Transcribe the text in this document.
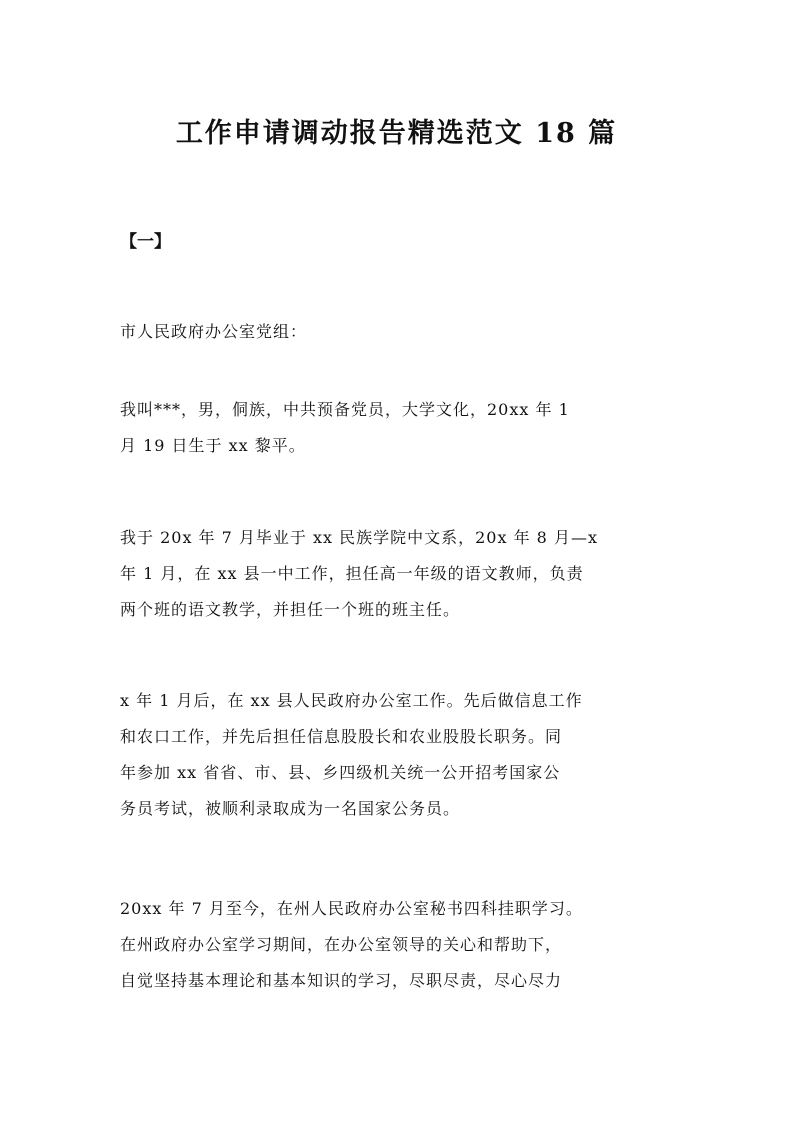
工作申请调动报告精选范文 18 篇
【一】

市人民政府办公室党组：

我叫***，男，侗族，中共预备党员，大学文化，20xx 年 1
月 19 日生于 xx 黎平。

我于 20x 年 7 月毕业于 xx 民族学院中文系，20x 年 8 月—x
年 1 月，在 xx 县一中工作，担任高一年级的语文教师，负责
两个班的语文教学，并担任一个班的班主任。

x 年 1 月后，在 xx 县人民政府办公室工作。先后做信息工作
和农口工作，并先后担任信息股股长和农业股股长职务。同
年参加 xx 省省、市、县、乡四级机关统一公开招考国家公
务员考试，被顺利录取成为一名国家公务员。

20xx 年 7 月至今，在州人民政府办公室秘书四科挂职学习。
在州政府办公室学习期间，在办公室领导的关心和帮助下，
自觉坚持基本理论和基本知识的学习，尽职尽责，尽心尽力
